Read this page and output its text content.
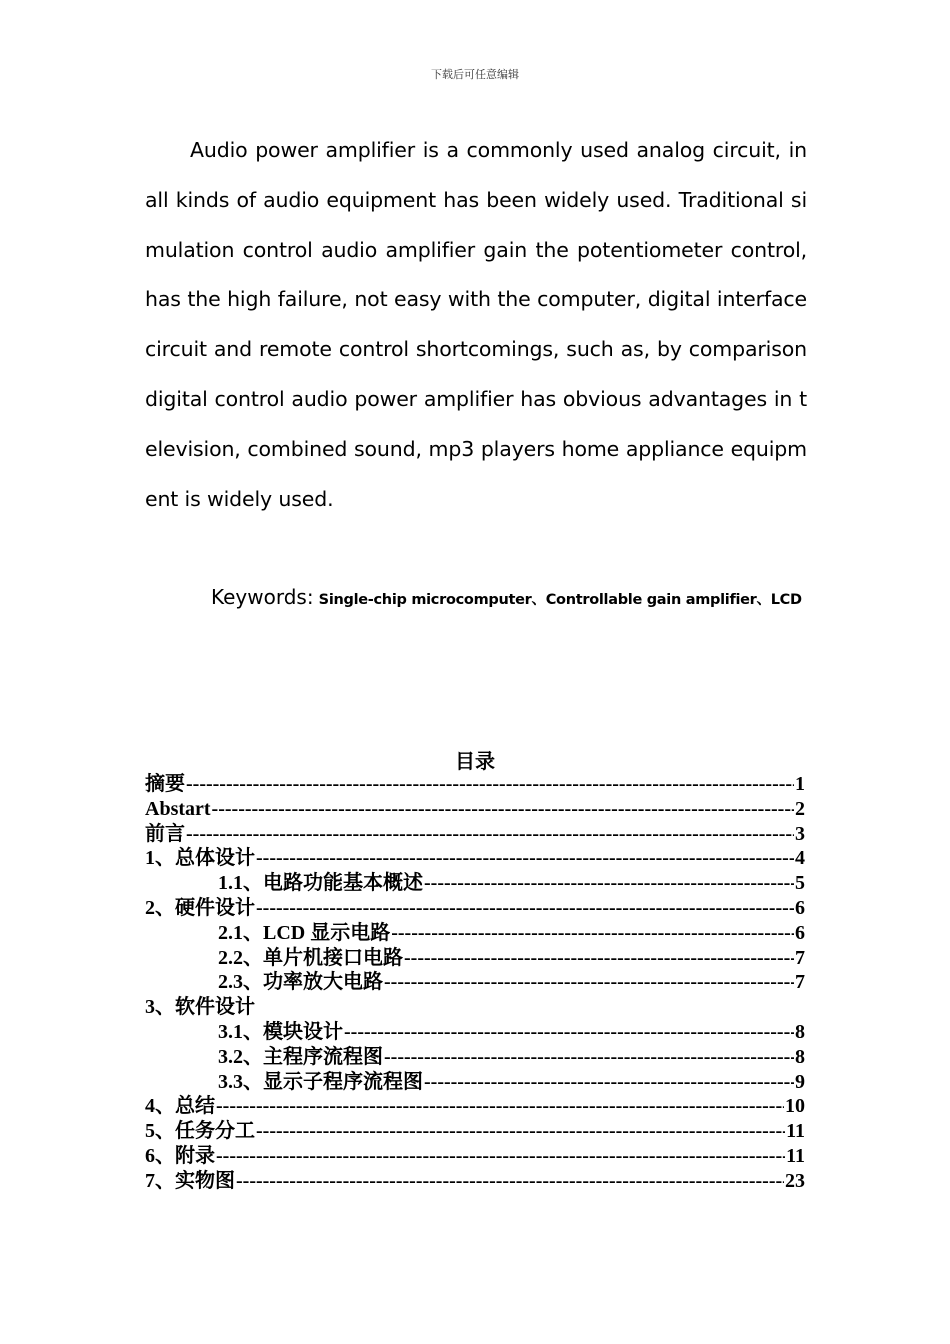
下载后可任意编辑

Audio power amplifier is a commonly used analog circuit, in all kinds of audio equipment has been widely used. Traditional simulation control audio amplifier gain the potentiometer control, has the high failure, not easy with the computer, digital interface circuit and remote control shortcomings, such as, by comparison digital control audio power amplifier has obvious advantages in television, combined sound, mp3 players home appliance equipment is widely used.

Keywords: Single-chip microcomputer、Controllable gain amplifier、LCD
目录
摘要 -----	1
Abstart -----	2
前言 -----	3
1、总体设计 -----	4
1.1、电路功能基本概述 -----	5
2、硬件设计 -----	6
2.1、LCD 显示电路 -----	6
2.2、单片机接口电路 -----	7
2.3、功率放大电路 -----	7
3、软件设计
3.1、模块设计 -----	8
3.2、主程序流程图 -----	8
3.3、显示子程序流程图 -----	9
4、总结 -----	10
5、任务分工 -----	11
6、附录 -----	11
7、实物图 -----	23
